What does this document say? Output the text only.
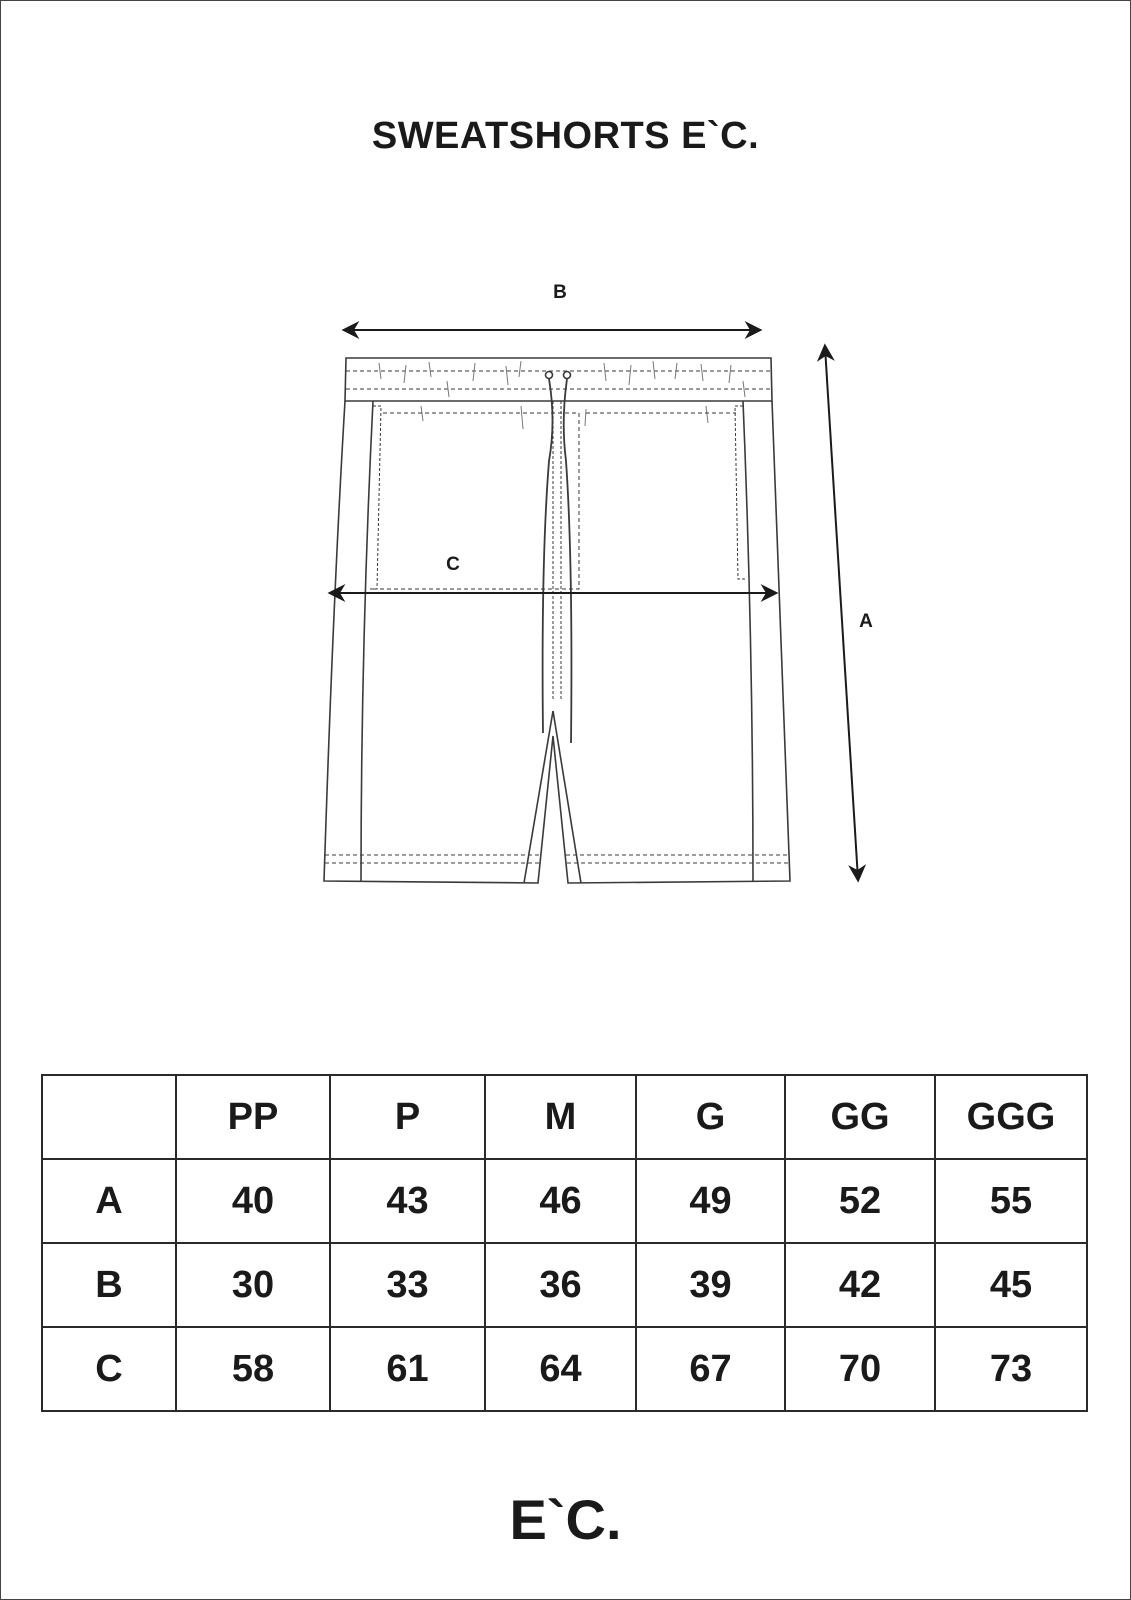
SWEATSHORTS E`C.
B
C
A
	PP	P	M	G	GG	GGG
A	40	43	46	49	52	55
B	30	33	36	39	42	45
C	58	61	64	67	70	73
E`C.
